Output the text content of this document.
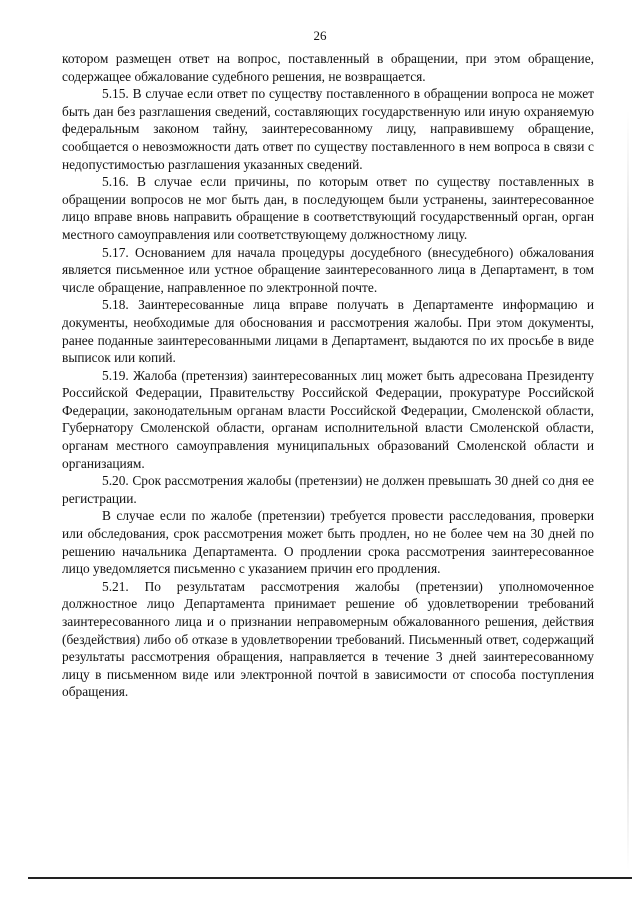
26

котором размещен ответ на вопрос, поставленный в обращении, при этом обращение, содержащее обжалование судебного решения, не возвращается.

5.15. В случае если ответ по существу поставленного в обращении вопроса не может быть дан без разглашения сведений, составляющих государственную или иную охраняемую федеральным законом тайну, заинтересованному лицу, направившему обращение, сообщается о невозможности дать ответ по существу поставленного в нем вопроса в связи с недопустимостью разглашения указанных сведений.

5.16. В случае если причины, по которым ответ по существу поставленных в обращении вопросов не мог быть дан, в последующем были устранены, заинтересованное лицо вправе вновь направить обращение в соответствующий государственный орган, орган местного самоуправления или соответствующему должностному лицу.

5.17. Основанием для начала процедуры досудебного (внесудебного) обжалования является письменное или устное обращение заинтересованного лица в Департамент, в том числе обращение, направленное по электронной почте.

5.18. Заинтересованные лица вправе получать в Департаменте информацию и документы, необходимые для обоснования и рассмотрения жалобы. При этом документы, ранее поданные заинтересованными лицами в Департамент, выдаются по их просьбе в виде выписок или копий.

5.19. Жалоба (претензия) заинтересованных лиц может быть адресована Президенту Российской Федерации, Правительству Российской Федерации, прокуратуре Российской Федерации, законодательным органам власти Российской Федерации, Смоленской области, Губернатору Смоленской области, органам исполнительной власти Смоленской области, органам местного самоуправления муниципальных образований Смоленской области и организациям.

5.20. Срок рассмотрения жалобы (претензии) не должен превышать 30 дней со дня ее регистрации.

В случае если по жалобе (претензии) требуется провести расследования, проверки или обследования, срок рассмотрения может быть продлен, но не более чем на 30 дней по решению начальника Департамента. О продлении срока рассмотрения заинтересованное лицо уведомляется письменно с указанием причин его продления.

5.21. По результатам рассмотрения жалобы (претензии) уполномоченное должностное лицо Департамента принимает решение об удовлетворении требований заинтересованного лица и о признании неправомерным обжалованного решения, действия (бездействия) либо об отказе в удовлетворении требований. Письменный ответ, содержащий результаты рассмотрения обращения, направляется в течение 3 дней заинтересованному лицу в письменном виде или электронной почтой в зависимости от способа поступления обращения.
